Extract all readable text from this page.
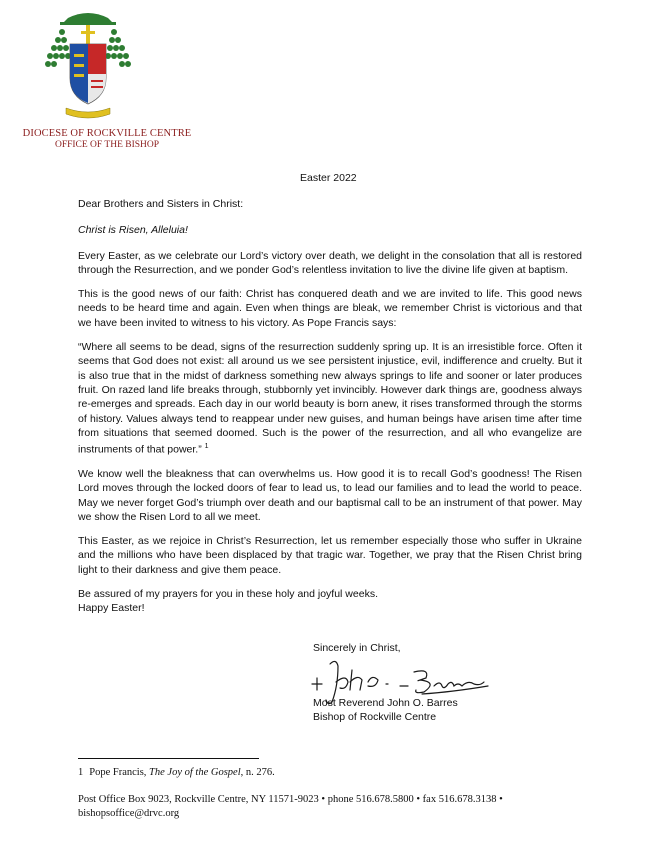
DIOCESE OF ROCKVILLE CENTRE
OFFICE OF THE BISHOP
Easter 2022

Dear Brothers and Sisters in Christ:

Christ is Risen, Alleluia!

Every Easter, as we celebrate our Lord’s victory over death, we delight in the consolation that all is restored through the Resurrection, and we ponder God’s relentless invitation to live the divine life given at baptism.

This is the good news of our faith: Christ has conquered death and we are invited to life. This good news needs to be heard time and again. Even when things are bleak, we remember Christ is victorious and that we have been invited to witness to his victory. As Pope Francis says:

“Where all seems to be dead, signs of the resurrection suddenly spring up. It is an irresistible force. Often it seems that God does not exist: all around us we see persistent injustice, evil, indifference and cruelty. But it is also true that in the midst of darkness something new always springs to life and sooner or later produces fruit. On razed land life breaks through, stubbornly yet invincibly. However dark things are, goodness always re-emerges and spreads. Each day in our world beauty is born anew, it rises transformed through the storms of history. Values always tend to reappear under new guises, and human beings have arisen time after time from situations that seemed doomed. Such is the power of the resurrection, and all who evangelize are instruments of that power.” $^1$

We know well the bleakness that can overwhelms us. How good it is to recall God’s goodness! The Risen Lord moves through the locked doors of fear to lead us, to lead our families and to lead the world to peace. May we never forget God’s triumph over death and our baptismal call to be an instrument of that power. May we show the Risen Lord to all we meet.

This Easter, as we rejoice in Christ’s Resurrection, let us remember especially those who suffer in Ukraine and the millions who have been displaced by that tragic war. Together, we pray that the Risen Christ bring light to their darkness and give them peace.

Be assured of my prayers for you in these holy and joyful weeks.
Happy Easter!

Sincerely in Christ,
Most Reverend John O. Barres
Bishop of Rockville Centre
1 Pope Francis, The Joy of the Gospel, n. 276.
Post Office Box 9023, Rockville Centre, NY 11571-9023 • phone 516.678.5800 • fax 516.678.3138 •
bishopsoffice@drvc.org
